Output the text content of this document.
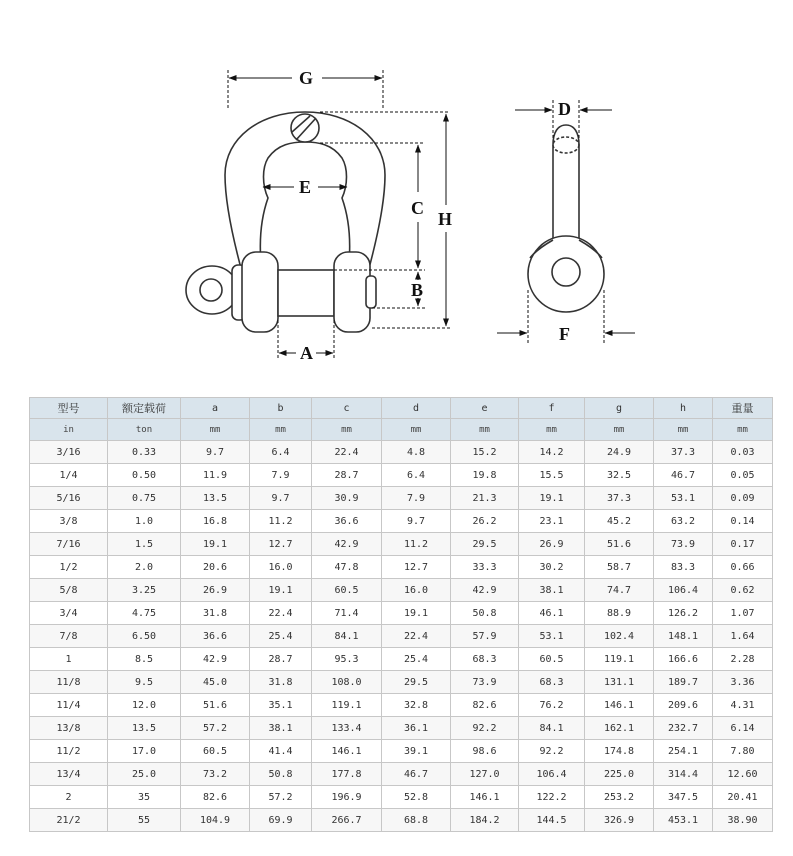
G
E
C
H
B
A
D
F
型号	额定载荷	a	b	c	d	e	f	g	h	重量
in	ton	mm	mm	mm	mm	mm	mm	mm	mm	mm
3/16	0.33	9.7	6.4	22.4	4.8	15.2	14.2	24.9	37.3	0.03
1/4	0.50	11.9	7.9	28.7	6.4	19.8	15.5	32.5	46.7	0.05
5/16	0.75	13.5	9.7	30.9	7.9	21.3	19.1	37.3	53.1	0.09
3/8	1.0	16.8	11.2	36.6	9.7	26.2	23.1	45.2	63.2	0.14
7/16	1.5	19.1	12.7	42.9	11.2	29.5	26.9	51.6	73.9	0.17
1/2	2.0	20.6	16.0	47.8	12.7	33.3	30.2	58.7	83.3	0.66
5/8	3.25	26.9	19.1	60.5	16.0	42.9	38.1	74.7	106.4	0.62
3/4	4.75	31.8	22.4	71.4	19.1	50.8	46.1	88.9	126.2	1.07
7/8	6.50	36.6	25.4	84.1	22.4	57.9	53.1	102.4	148.1	1.64
1	8.5	42.9	28.7	95.3	25.4	68.3	60.5	119.1	166.6	2.28
11/8	9.5	45.0	31.8	108.0	29.5	73.9	68.3	131.1	189.7	3.36
11/4	12.0	51.6	35.1	119.1	32.8	82.6	76.2	146.1	209.6	4.31
13/8	13.5	57.2	38.1	133.4	36.1	92.2	84.1	162.1	232.7	6.14
11/2	17.0	60.5	41.4	146.1	39.1	98.6	92.2	174.8	254.1	7.80
13/4	25.0	73.2	50.8	177.8	46.7	127.0	106.4	225.0	314.4	12.60
2	35	82.6	57.2	196.9	52.8	146.1	122.2	253.2	347.5	20.41
21/2	55	104.9	69.9	266.7	68.8	184.2	144.5	326.9	453.1	38.90
